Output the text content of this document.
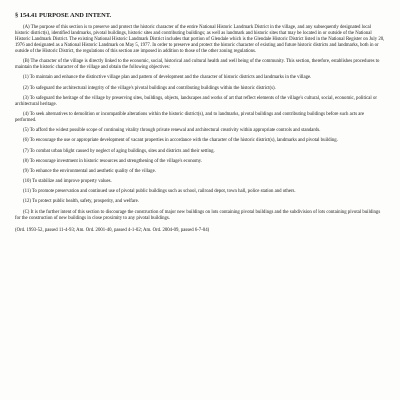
§ 154.41 PURPOSE AND INTENT.

(A) The purpose of this section is to preserve and protect the historic character of the entire National Historic Landmark District in the village, and any subsequently designated local historic district(s), identified landmarks, pivotal buildings, historic sites and contributing buildings; as well as landmark and historic sites that may be located in or outside of the National Historic Landmark District. The existing National Historic Landmark District includes that portion of Glendale which is the Glendale Historic District listed in the National Register on July 20, 1976 and designated as a National Historic Landmark on May 5, 1977. In order to preserve and protect the historic character of existing and future historic districts and landmarks, both in or outside of the Historic District, the regulations of this section are imposed in addition to those of the other zoning regulations.

(B) The character of the village is directly linked to the economic, social, historical and cultural health and well being of the community. This section, therefore, establishes procedures to maintain the historic character of the village and obtain the following objectives:

(1) To maintain and enhance the distinctive village plan and pattern of development and the character of historic districts and landmarks in the village.

(2) To safeguard the architectural integrity of the village's pivotal buildings and contributing buildings within the historic district(s).

(3) To safeguard the heritage of the village by preserving sites, buildings, objects, landscapes and works of art that reflect elements of the village's cultural, social, economic, political or architectural heritage.

(4) To seek alternatives to demolition or incompatible alterations within the historic district(s), and to landmarks, pivotal buildings and contributing buildings before such acts are performed.

(5) To afford the widest possible scope of continuing vitality through private renewal and architectural creativity within appropriate controls and standards.

(6) To encourage the use or appropriate development of vacant properties in accordance with the character of the historic district(s), landmarks and pivotal building.

(7) To combat urban blight caused by neglect of aging buildings, sites and districts and their setting.

(8) To encourage investment in historic resources and strengthening of the village's economy.

(9) To enhance the environmental and aesthetic quality of the village.

(10) To stabilize and improve property values.

(11) To promote preservation and continued use of pivotal public buildings such as school, railroad depot, town hall, police station and others.

(12) To protect public health, safety, prosperity, and welfare.

(C) It is the further intent of this section to discourage the construction of major new buildings on lots containing pivotal buildings and the subdivision of lots containing pivotal buildings for the construction of new buildings in close proximity to any pivotal buildings.

(Ord. 1993-52, passed 11-4-93; Am. Ord. 2001-40, passed 4-1-02; Am. Ord. 2004-09, passed 6-7-04)
